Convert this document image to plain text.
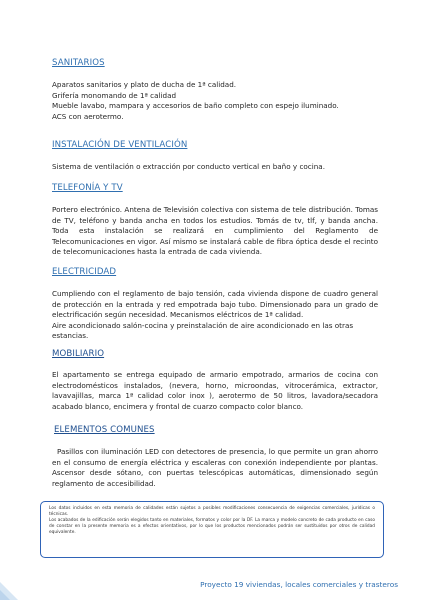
SANITARIOS

Aparatos sanitarios y plato de ducha de 1ª calidad.

Grifería monomando de 1ª calidad

Mueble lavabo, mampara y accesorios de baño completo con espejo iluminado.

ACS con aerotermo.

INSTALACIÓN DE VENTILACIÓN

Sistema de ventilación o extracción por conducto vertical en baño y cocina.

TELEFONÍA Y TV

Portero electrónico. Antena de Televisión colectiva con sistema de tele distribución. Tomas de TV, teléfono y banda ancha en todos los estudios. Tomás de tv, tlf, y banda ancha. Toda esta instalación se realizará en cumplimiento del Reglamento de Telecomunicaciones en vigor. Así mismo se instalará cable de fibra óptica desde el recinto de telecomunicaciones hasta la entrada de cada vivienda.

ELECTRICIDAD

Cumpliendo con el reglamento de bajo tensión, cada vivienda dispone de cuadro general de protección en la entrada y red empotrada bajo tubo. Dimensionado para un grado de electrificación según necesidad. Mecanismos eléctricos de 1ª calidad.

Aire acondicionado salón-cocina y preinstalación de aire acondicionado en las otras estancias.

MOBILIARIO

El apartamento se entrega equipado de armario empotrado, armarios de cocina con electrodomésticos instalados, (nevera, horno, microondas, vitrocerámica, extractor, lavavajillas, marca 1ª calidad color inox ), aerotermo de 50 litros, lavadora/secadora acabado blanco, encimera y frontal de cuarzo compacto color blanco.

ELEMENTOS COMUNES

Pasillos con iluminación LED con detectores de presencia, lo que permite un gran ahorro en el consumo de energía eléctrica y escaleras con conexión independiente por plantas. Ascensor desde sótano, con puertas telescópicas automáticas, dimensionado según reglamento de accesibilidad.

Los datos incluidos en esta memoria de calidades están sujetos a posibles modificaciones consecuencia de exigencias comerciales, jurídicas o técnicas.

Los acabados de la edificación serán elegidos tanto en materiales, formatos y color por la DF. La marca y modelo concreto de cada producto en caso de constar en la presente memoria es a efectos orientativos, por lo que los productos mencionados podrán ser sustituidos por otros de calidad equivalente.

Proyecto 19 viviendas, locales comerciales y trasteros
